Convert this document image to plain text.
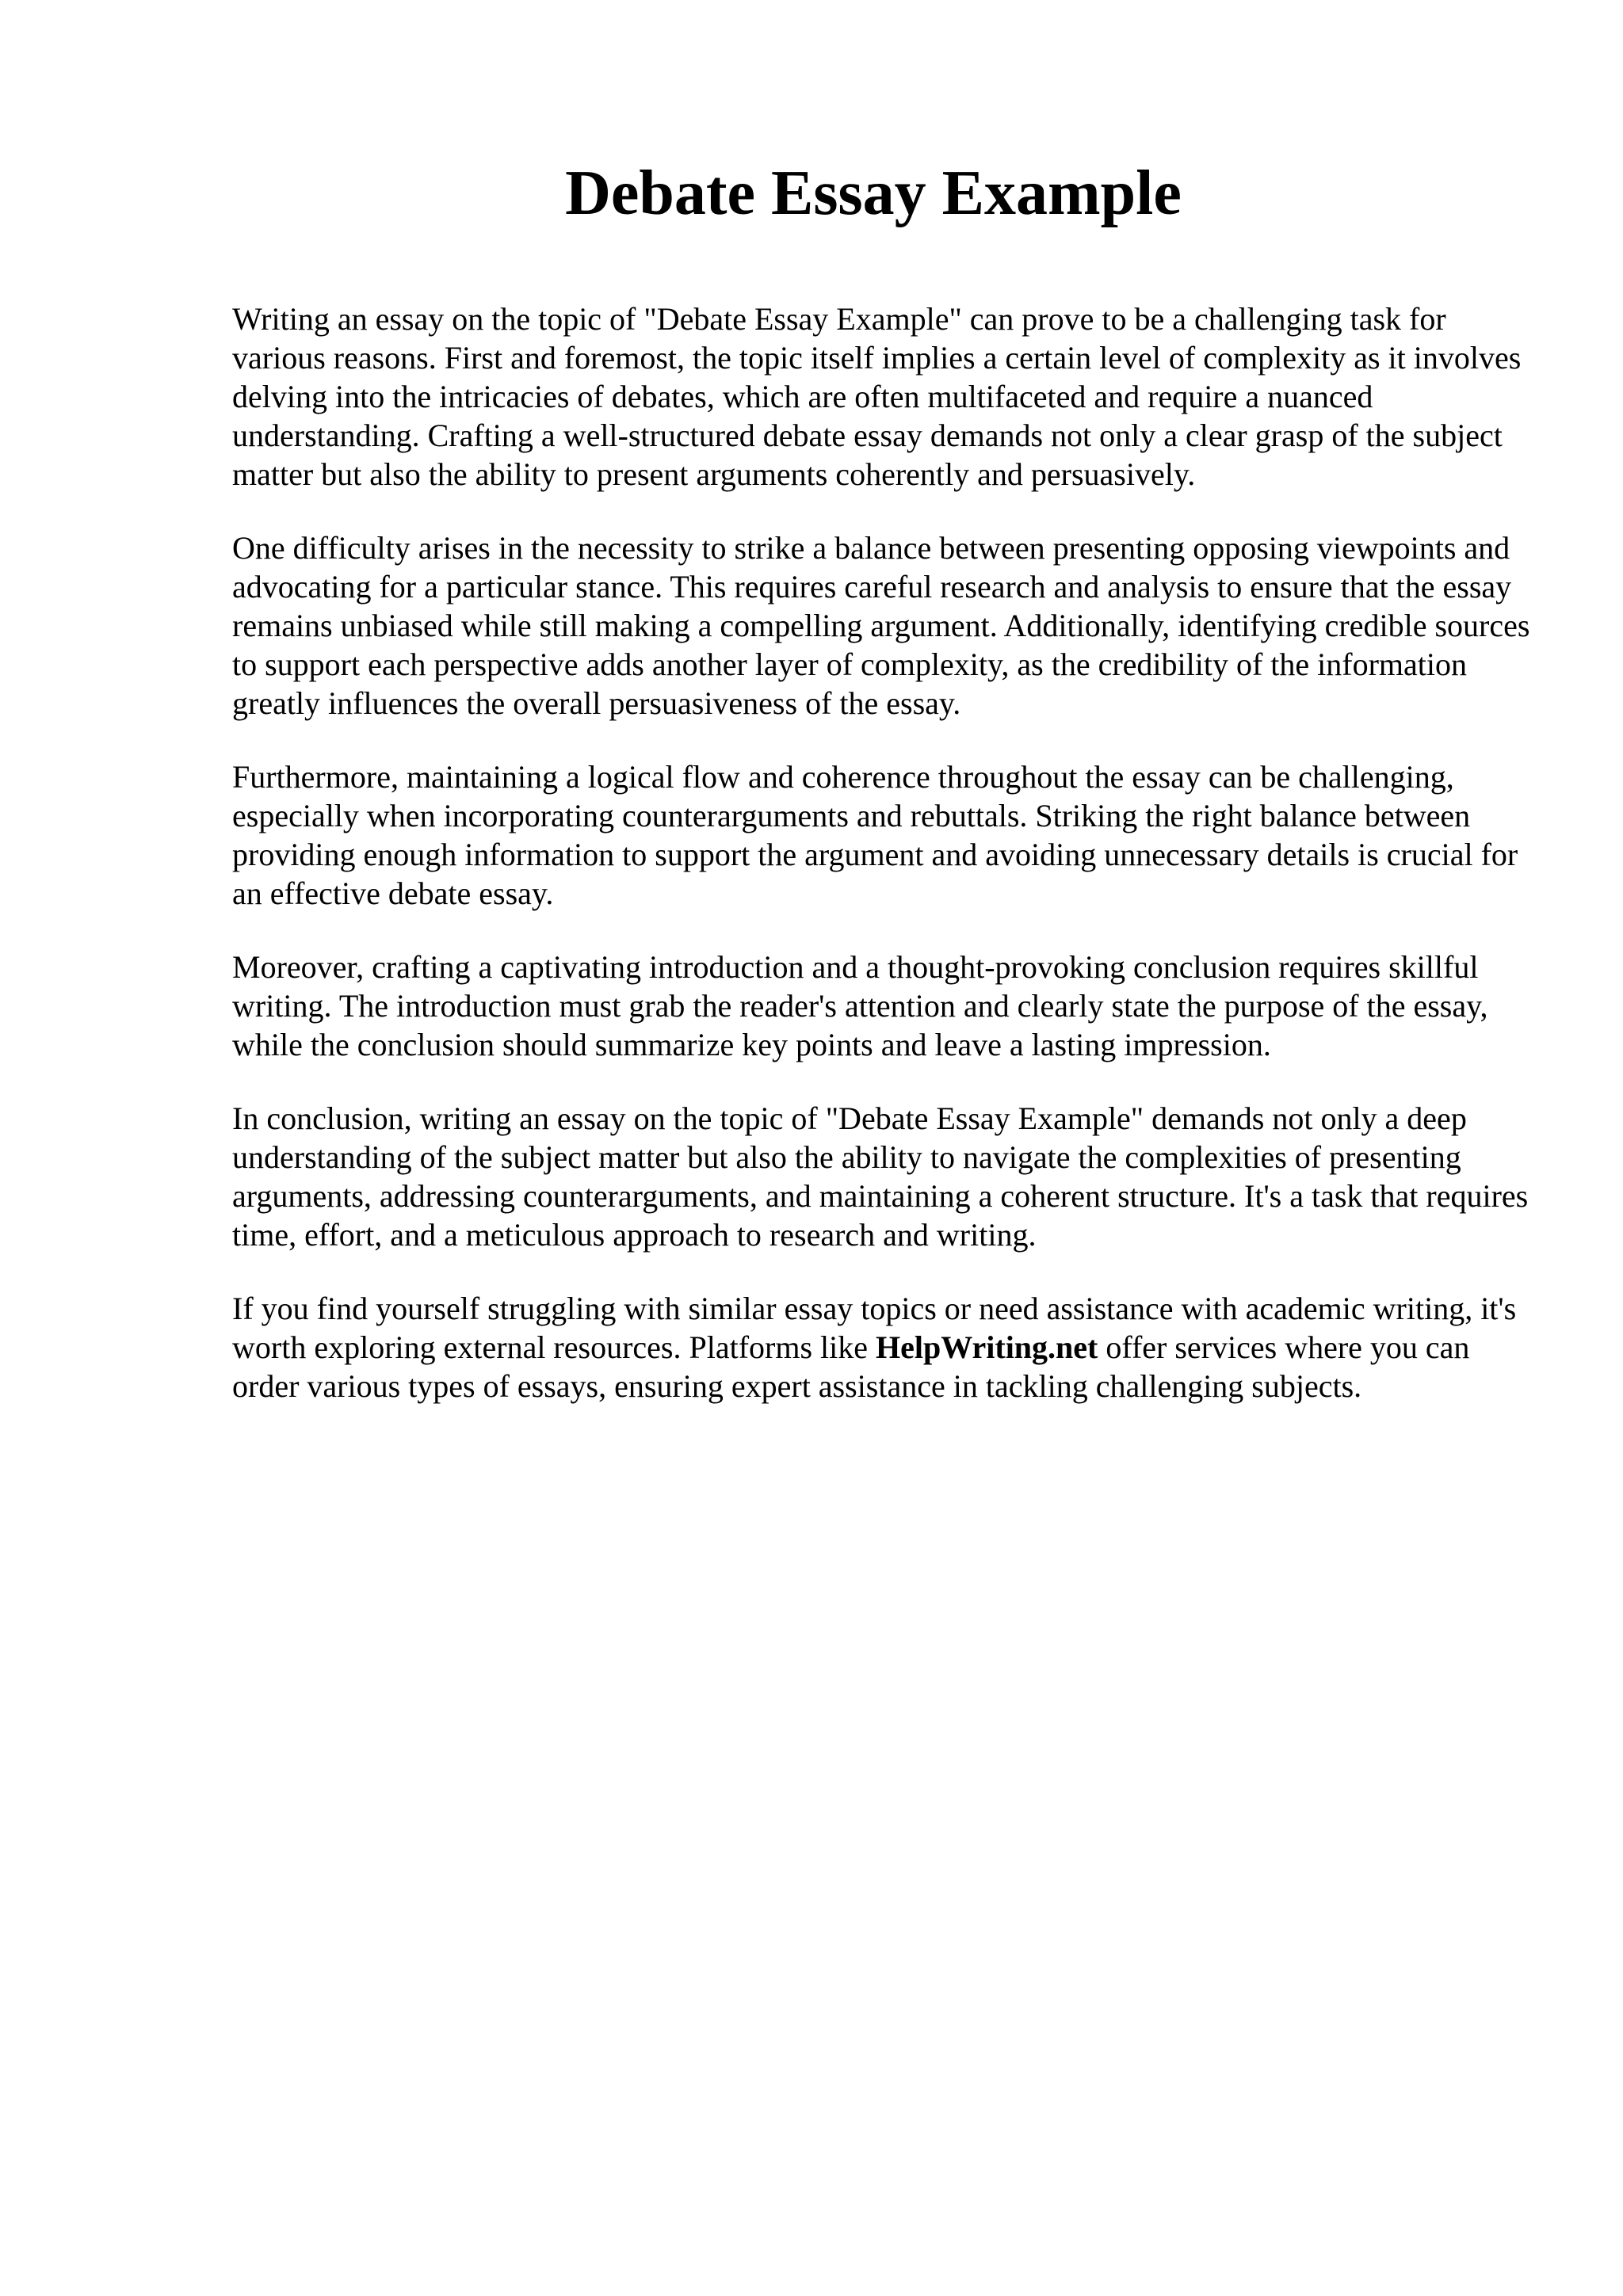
Debate Essay Example

Writing an essay on the topic of "Debate Essay Example" can prove to be a challenging task for various reasons. First and foremost, the topic itself implies a certain level of complexity as it involves delving into the intricacies of debates, which are often multifaceted and require a nuanced understanding. Crafting a well-structured debate essay demands not only a clear grasp of the subject matter but also the ability to present arguments coherently and persuasively.

One difficulty arises in the necessity to strike a balance between presenting opposing viewpoints and advocating for a particular stance. This requires careful research and analysis to ensure that the essay remains unbiased while still making a compelling argument. Additionally, identifying credible sources to support each perspective adds another layer of complexity, as the credibility of the information greatly influences the overall persuasiveness of the essay.

Furthermore, maintaining a logical flow and coherence throughout the essay can be challenging, especially when incorporating counterarguments and rebuttals. Striking the right balance between providing enough information to support the argument and avoiding unnecessary details is crucial for an effective debate essay.

Moreover, crafting a captivating introduction and a thought-provoking conclusion requires skillful writing. The introduction must grab the reader's attention and clearly state the purpose of the essay, while the conclusion should summarize key points and leave a lasting impression.

In conclusion, writing an essay on the topic of "Debate Essay Example" demands not only a deep understanding of the subject matter but also the ability to navigate the complexities of presenting arguments, addressing counterarguments, and maintaining a coherent structure. It's a task that requires time, effort, and a meticulous approach to research and writing.

If you find yourself struggling with similar essay topics or need assistance with academic writing, it's worth exploring external resources. Platforms like HelpWriting.net offer services where you can order various types of essays, ensuring expert assistance in tackling challenging subjects.
